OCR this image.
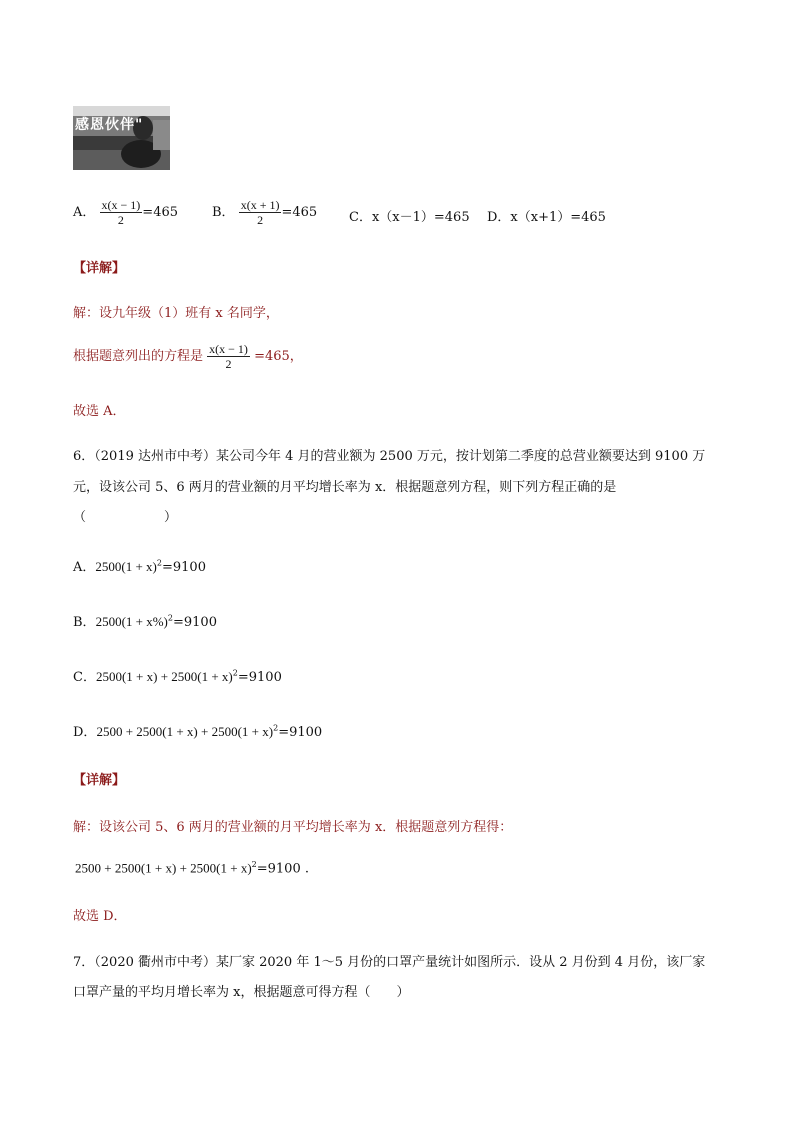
感恩伙伴"
A． $\frac{x(x - 1)}{2} =465$	B． $\frac{x(x + 1)}{2} =465$ C．x（x－1）=465 D．x（x+1）=465
【详解】
解：设九年级（1）班有 x 名同学，
根据题意列出的方程是 $\frac{x(x - 1)}{2} =465$，
故选 A．
6．（2019 达州市中考）某公司今年 4 月的营业额为 2500 万元，按计划第二季度的总营业额要达到 9100 万
元，设该公司 5、6 两月的营业额的月平均增长率为 x．根据题意列方程，则下列方程正确的是
（　　　　　　）
A．$2500(1 + x)^2=9100$
B．$2500(1 + x\%)^2=9100$
C．$2500(1 + x) + 2500(1 + x)^2=9100$
D．$2500 + 2500(1 + x) + 2500(1 + x)^2=9100$
【详解】
解：设该公司 5、6 两月的营业额的月平均增长率为 x．根据题意列方程得：
$2500 + 2500(1 + x) + 2500(1 + x)^2=9100$ .
故选 D．
7．（2020 衢州市中考）某厂家 2020 年 1～5 月份的口罩产量统计如图所示．设从 2 月份到 4 月份，该厂家
口罩产量的平均月增长率为 x，根据题意可得方程（　　）
